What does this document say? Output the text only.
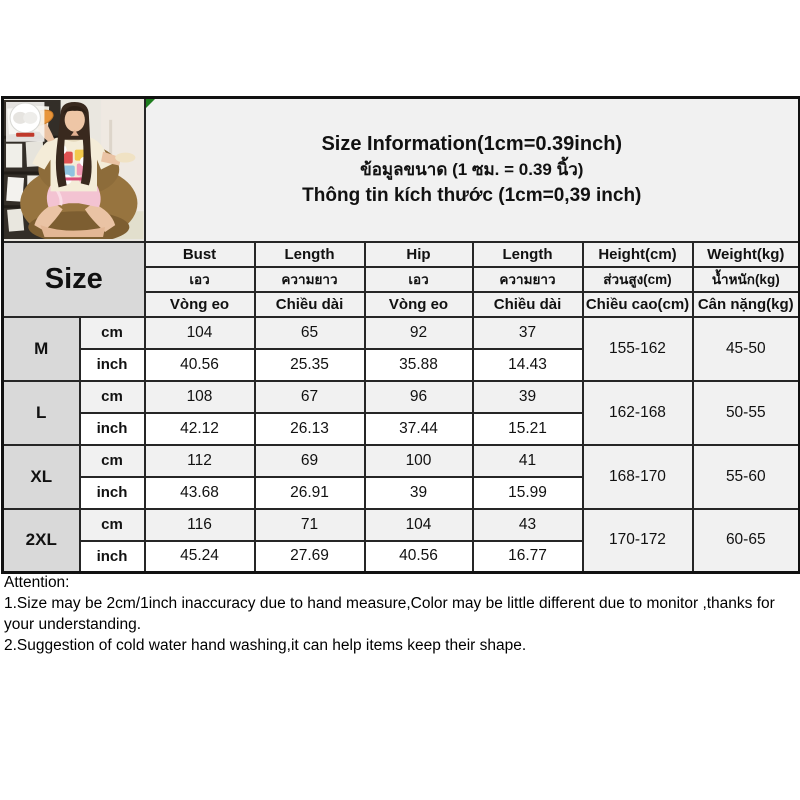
Size Information(1cm=0.39inch)
ข้อมูลขนาด (1 ซม. = 0.39 นิ้ว)
Thông tin kích thước (1cm=0,39 inch)					

Size		Bust	Length	Hip	Length	Height(cm)	Weight(kg)
		เอว	ความยาว	เอว	ความยาว	ส่วนสูง(cm)	น้ำหนัก(kg)
		Vòng eo	Chiều dài	Vòng eo	Chiều dài	Chiều cao(cm)	Cân nặng(kg)
M	cm	104	65	92	37	155-162	45-50
	inch	40.56	25.35	35.88	14.43		
L	cm	108	67	96	39	162-168	50-55
	inch	42.12	26.13	37.44	15.21		
XL	cm	112	69	100	41	168-170	55-60
	inch	43.68	26.91	39	15.99		
2XL	cm	116	71	104	43	170-172	60-65
	inch	45.24	27.69	40.56	16.77		
Attention:
1.Size may be 2cm/1inch inaccuracy due to hand measure,Color may be little different due to monitor ,thanks for your understanding.
2.Suggestion of cold water hand washing,it can help items keep their shape.
